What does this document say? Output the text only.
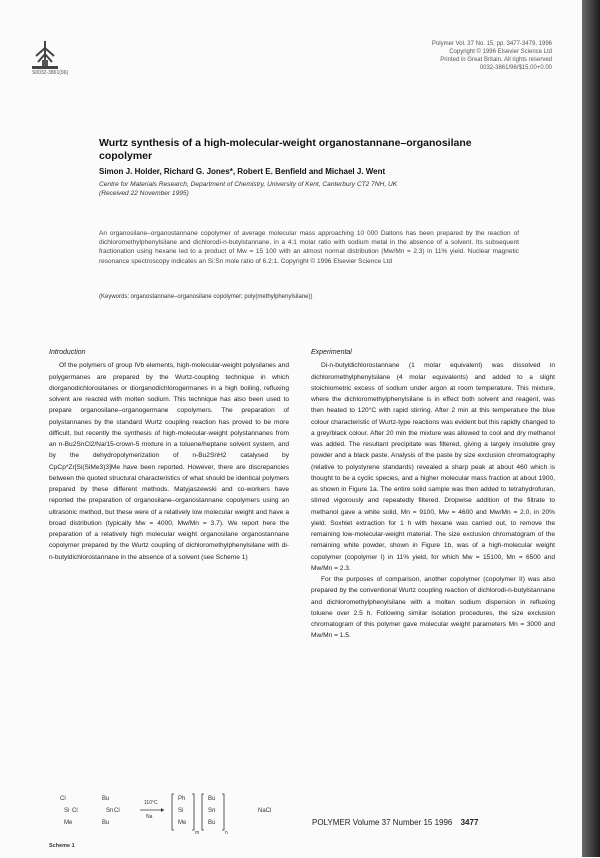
S0032-3861(96)
Polymer Vol. 37 No. 15, pp. 3477-3479, 1996
Copyright © 1996 Elsevier Science Ltd
Printed in Great Britain. All rights reserved
0032-3861/96/$15.00+0.00
Wurtz synthesis of a high-molecular-weight organostannane–organosilane copolymer
Simon J. Holder, Richard G. Jones*, Robert E. Benfield and Michael J. Went
Centre for Materials Research, Department of Chemistry, University of Kent, Canterbury CT2 7NH, UK
(Received 22 November 1995)
An organosilane–organostannane copolymer of average molecular mass approaching 10 000 Daltons has been prepared by the reaction of dichloromethylphenylsilane and dichlorodi-n-butylstannane, in a 4:1 molar ratio with sodium metal in the absence of a solvent. Its subsequent fractionation using hexane led to a product of Mw = 15 100 with an almost normal distribution (Mw/Mn = 2.3) in 11% yield. Nuclear magnetic resonance spectroscopy indicates an Si:Sn mole ratio of 6.2:1. Copyright © 1996 Elsevier Science Ltd
(Keywords: organostannane–organosilane copolymer; poly(methylphenylsilane))
Introduction

Of the polymers of group IVb elements, high-molecular-weight polysilanes and polygermanes are prepared by the Wurtz-coupling technique in which diorganodichlorosilanes or diorganodichlorogermanes in a high boiling, refluxing solvent are reacted with molten sodium. This technique has also been used to prepare organosilane–organogermane copolymers. The preparation of polystannanes by the standard Wurtz coupling reaction has proved to be more difficult, but recently the synthesis of high-molecular-weight polystannanes from an n-Bu2SnCl2/Na/15-crown-5 mixture in a toluene/heptane solvent system, and by the dehydropolymerization of n-Bu2SnH2 catalysed by CpCp*Zr[Si(SiMe3)3]Me have been reported. However, there are discrepancies between the quoted structural characteristics of what should be identical polymers prepared by these different methods. Matyjaszewski and co-workers have reported the preparation of organosilane–organostannane copolymers using an ultrasonic method, but these were of a relatively low molecular weight and have a broad distribution (typically Mw = 4000, Mw/Mn = 3.7). We report here the preparation of a relatively high molecular weight organosilane organostannane copolymer prepared by the Wurtz coupling of dichloromethylphenylsilane with di-n-butyldichlorostannane in the absence of a solvent (see Scheme 1)

Cl
Si Cl
Me
Bu
Sn Cl
Bu
110°C
Na
Ph
Si
Me
Bu
Sn
Bu
m	n
NaCl
Scheme 1
Experimental

Di-n-butyldichlorostannane (1 molar equivalent) was dissolved in dichloromethylphenylsilane (4 molar equivalents) and added to a slight stoichiometric excess of sodium under argon at room temperature. This mixture, where the dichloromethylphenylsilane is in effect both solvent and reagent, was then heated to 120°C with rapid stirring. After 2 min at this temperature the blue colour characteristic of Wurtz-type reactions was evident but this rapidly changed to a grey/black colour. After 20 min the mixture was allowed to cool and dry methanol was added. The resultant precipitate was filtered, giving a largely insoluble grey powder and a black paste. Analysis of the paste by size exclusion chromatography (relative to polystyrene standards) revealed a sharp peak at about 460 which is thought to be a cyclic species, and a higher molecular mass fraction at about 1900, as shown in Figure 1a. The entire solid sample was then added to tetrahydrofuran, stirred vigorously and repeatedly filtered. Dropwise addition of the filtrate to methanol gave a white solid, Mn = 9100, Mw = 4600 and Mw/Mn = 2.0, in 20% yield. Soxhlet extraction for 1 h with hexane was carried out, to remove the remaining low-molecular-weight material. The size exclusion chromatogram of the remaining white powder, shown in Figure 1b, was of a high-molecular weight copolymer (copolymer I) in 11% yield, for which Mw = 15100, Mn = 6500 and Mw/Mn = 2.3.

For the purposes of comparison, another copolymer (copolymer II) was also prepared by the conventional Wurtz coupling reaction of dichlorodi-n-butylstannane and dichloromethylphenylsilane with a molten sodium dispersion in refluxing toluene over 2.5 h. Following similar isolation procedures, the size exclusion chromatogram of this polymer gave molecular weight parameters Mn = 3000 and Mw/Mn = 1.5.

POLYMER Volume 37 Number 15 1996 3477
